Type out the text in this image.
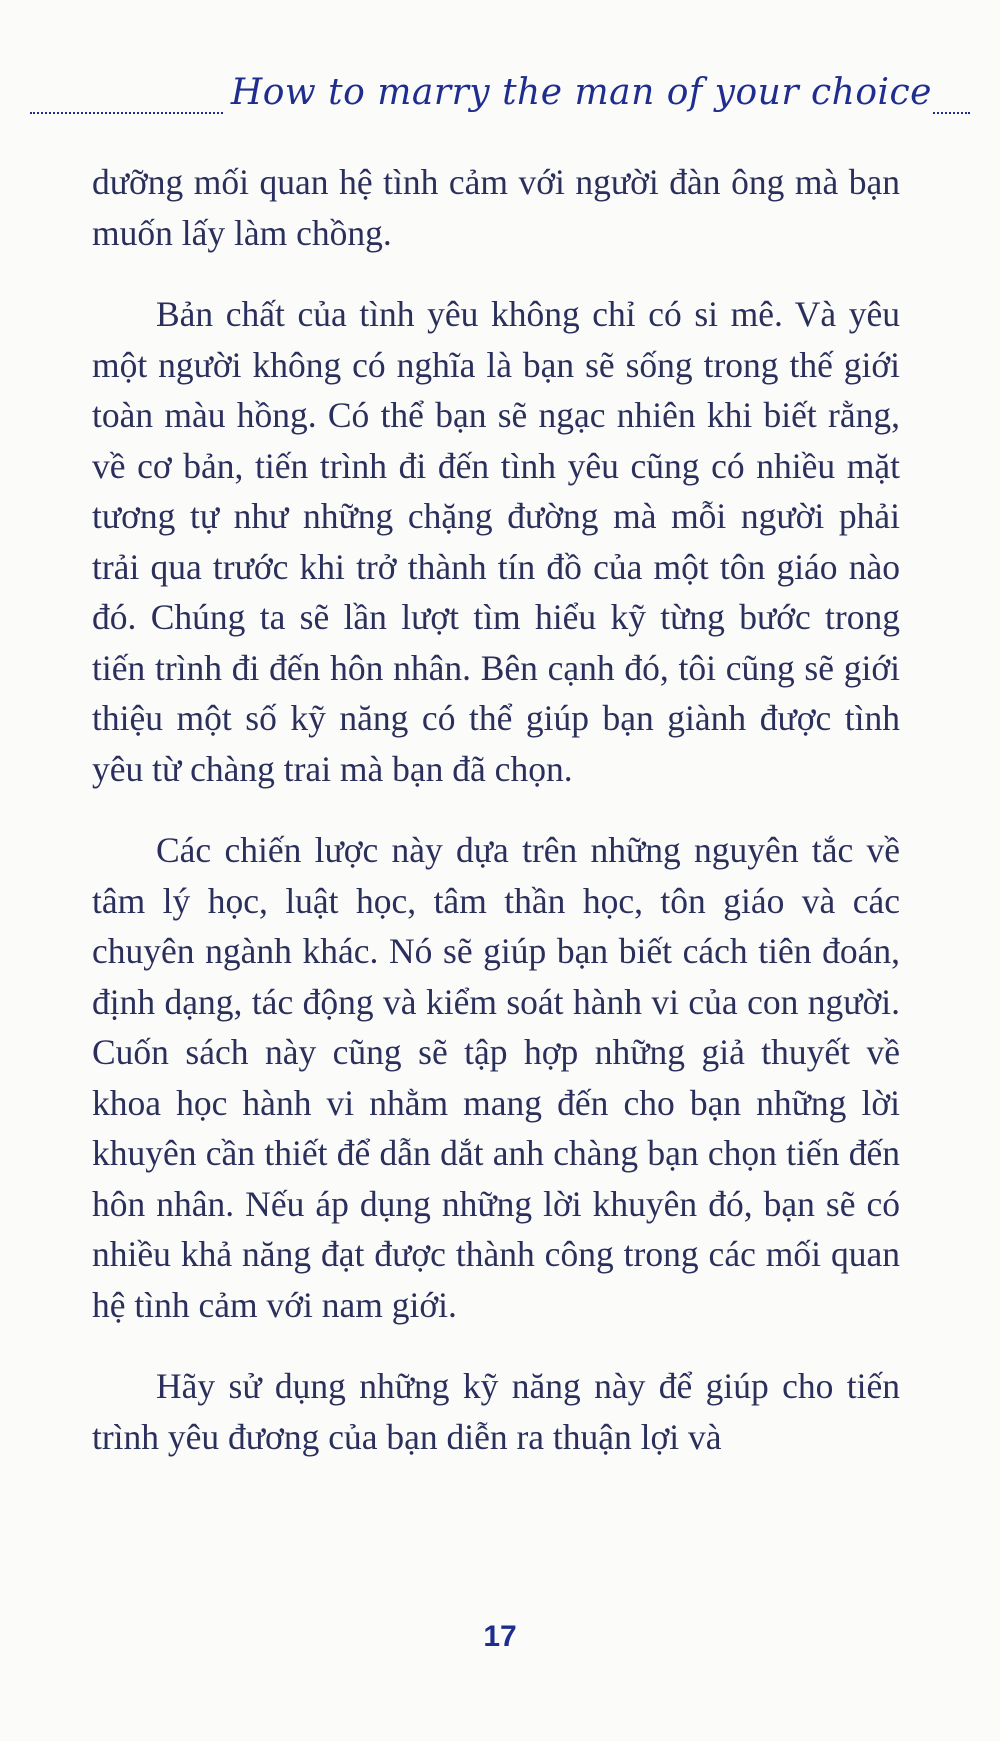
How to marry the man of your choice

dưỡng mối quan hệ tình cảm với người đàn ông mà bạn muốn lấy làm chồng.

Bản chất của tình yêu không chỉ có si mê. Và yêu một người không có nghĩa là bạn sẽ sống trong thế giới toàn màu hồng. Có thể bạn sẽ ngạc nhiên khi biết rằng, về cơ bản, tiến trình đi đến tình yêu cũng có nhiều mặt tương tự như những chặng đường mà mỗi người phải trải qua trước khi trở thành tín đồ của một tôn giáo nào đó. Chúng ta sẽ lần lượt tìm hiểu kỹ từng bước trong tiến trình đi đến hôn nhân. Bên cạnh đó, tôi cũng sẽ giới thiệu một số kỹ năng có thể giúp bạn giành được tình yêu từ chàng trai mà bạn đã chọn.

Các chiến lược này dựa trên những nguyên tắc về tâm lý học, luật học, tâm thần học, tôn giáo và các chuyên ngành khác. Nó sẽ giúp bạn biết cách tiên đoán, định dạng, tác động và kiểm soát hành vi của con người. Cuốn sách này cũng sẽ tập hợp những giả thuyết về khoa học hành vi nhằm mang đến cho bạn những lời khuyên cần thiết để dẫn dắt anh chàng bạn chọn tiến đến hôn nhân. Nếu áp dụng những lời khuyên đó, bạn sẽ có nhiều khả năng đạt được thành công trong các mối quan hệ tình cảm với nam giới.

Hãy sử dụng những kỹ năng này để giúp cho tiến trình yêu đương của bạn diễn ra thuận lợi và

17
